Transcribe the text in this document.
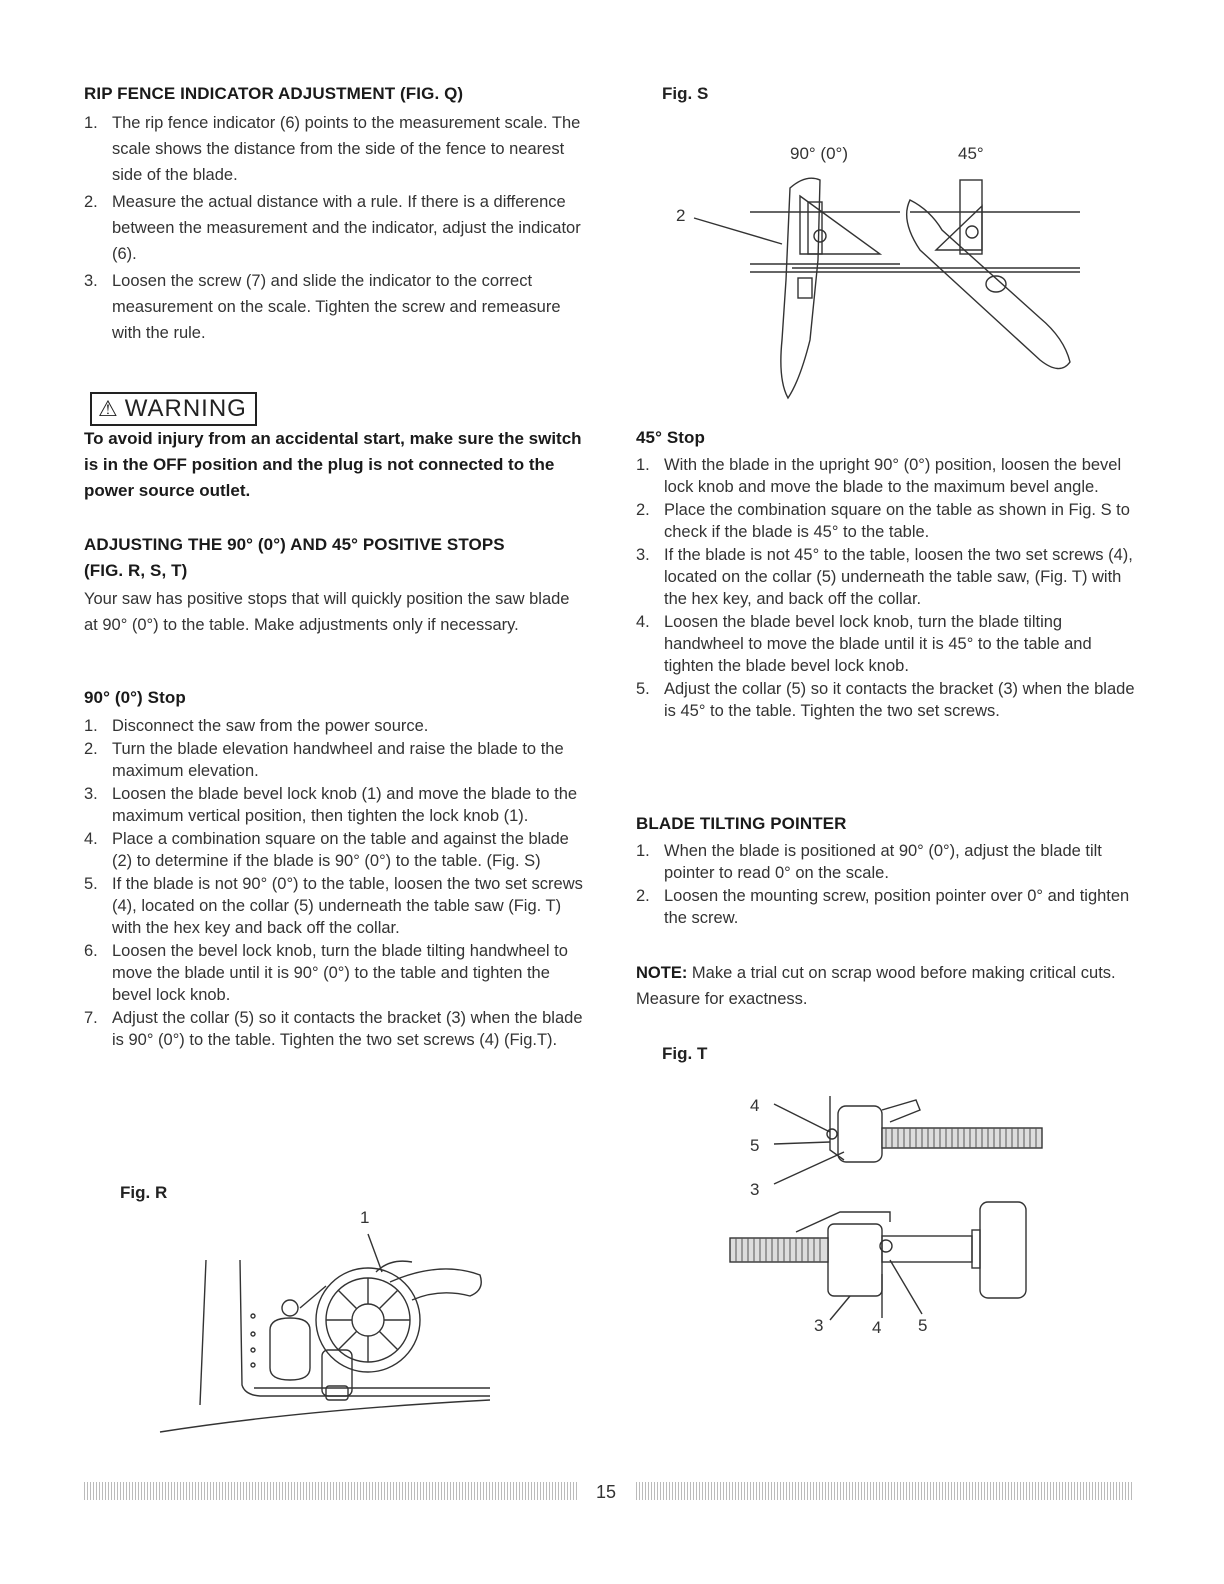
RIP FENCE INDICATOR ADJUSTMENT (FIG. Q)
1. The rip fence indicator (6) points to the measurement scale. The scale shows the distance from the side of the fence to nearest side of the blade.
2. Measure the actual distance with a rule. If there is a difference between the measurement and the indicator, adjust the indicator (6).
3. Loosen the screw (7) and slide the indicator to the correct measurement on the scale. Tighten the screw and remeasure with the rule.
⚠ WARNING
To avoid injury from an accidental start, make sure the switch is in the OFF position and the plug is not connected to the power source outlet.
ADJUSTING THE 90° (0°) AND 45° POSITIVE STOPS
(FIG. R, S, T)
Your saw has positive stops that will quickly position the saw blade at 90° (0°) to the table. Make adjustments only if necessary.
90° (0°) Stop
1. Disconnect the saw from the power source.
2. Turn the blade elevation handwheel and raise the blade to the maximum elevation.
3. Loosen the blade bevel lock knob (1) and move the blade to the maximum vertical position, then tighten the lock knob (1).
4. Place a combination square on the table and against the blade (2) to determine if the blade is 90° (0°) to the table. (Fig. S)
5. If the blade is not 90° (0°) to the table, loosen the two set screws (4), located on the collar (5) underneath the table saw (Fig. T) with the hex key and back off the collar.
6. Loosen the bevel lock knob, turn the blade tilting handwheel to move the blade until it is 90° (0°) to the table and tighten the bevel lock knob.
7. Adjust the collar (5) so it contacts the bracket (3) when the blade is 90° (0°) to the table. Tighten the two set screws (4) (Fig.T).
Fig. R
1
Fig. S
45° Stop
1. With the blade in the upright 90° (0°) position, loosen the bevel lock knob and move the blade to the maximum bevel angle.
2. Place the combination square on the table as shown in Fig. S to check if the blade is 45° to the table.
3. If the blade is not 45° to the table, loosen the two set screws (4), located on the collar (5) underneath the table saw, (Fig. T) with the hex key, and back off the collar.
4. Loosen the blade bevel lock knob, turn the blade tilting handwheel to move the blade until it is 45° to the table and tighten the blade bevel lock knob.
5. Adjust the collar (5) so it contacts the bracket (3) when the blade is 45° to the table. Tighten the two set screws.
BLADE TILTING POINTER
1. When the blade is positioned at 90° (0°), adjust the blade tilt pointer to read 0° on the scale.
2. Loosen the mounting screw, position pointer over 0° and tighten the screw.
NOTE: Make a trial cut on scrap wood before making critical cuts. Measure for exactness.
Fig. T
90° (0°)	45°
2
4
5
3
3	4 5
15
